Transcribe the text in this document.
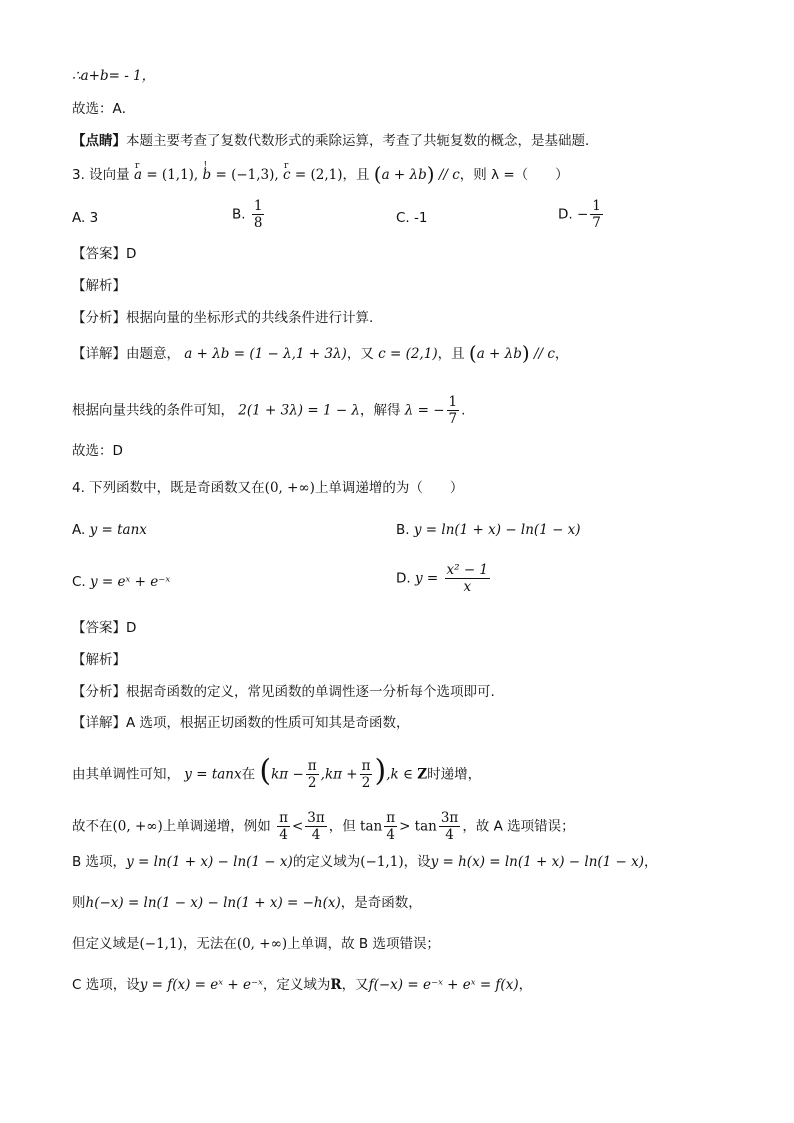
∴a+b= - 1，
故选：A．
【点睛】本题主要考查了复数代数形式的乘除运算，考查了共轭复数的概念，是基础题．
3. 设向量 r a = (1,1), ! b = (−1,3), r c = (2,1)，且 (a + λb) // c，则 λ =（　　）
A. 3	B. $\frac{1}{8}$	C. -1	D. − $\frac{1}{7}$
【答案】D
【解析】
【分析】根据向量的坐标形式的共线条件进行计算.
【详解】由题意， a + λb = (1 − λ,1 + 3λ)，又 c = (2,1)，且 (a + λb) // c，
根据向量共线的条件可知， 2(1 + 3λ) = 1 − λ，解得 λ = − $\frac{1}{7}$ .
故选：D
4. 下列函数中，既是奇函数又在(0, +∞)上单调递增的为（　　）
A. y = tanx	B. y = ln(1 + x) − ln(1 − x)
C. y = eˣ + e⁻ˣ	D. $y = \frac{\text{x² − 1}}{x}$
【答案】D
【解析】
【分析】根据奇函数的定义，常见函数的单调性逐一分析每个选项即可.
【详解】A 选项，根据正切函数的性质可知其是奇函数，
由其单调性可知， y = tanx在 $(k\pi - \frac{\pi}{2} ,k\pi + \frac{\pi}{2} ),k$ ∈ Z时递增，
故不在(0, +∞)上单调递增，例如 $\frac{\pi}{4} < \frac{3\pi}{4}$ ，但 $\tan \frac{\pi}{4} > \tan \frac{3\pi}{4}$ ，故 A 选项错误；
B 选项，y = ln(1 + x) − ln(1 − x)的定义域为(−1,1)，设y = h(x) = ln(1 + x) − ln(1 − x)，
则h(−x) = ln(1 − x) − ln(1 + x) = −h(x)，是奇函数，
但定义域是(−1,1)，无法在(0, +∞)上单调，故 B 选项错误；
C 选项，设y = f(x) = eˣ + e⁻ˣ，定义域为R，又f(−x) = e⁻ˣ + eˣ = f(x)，
